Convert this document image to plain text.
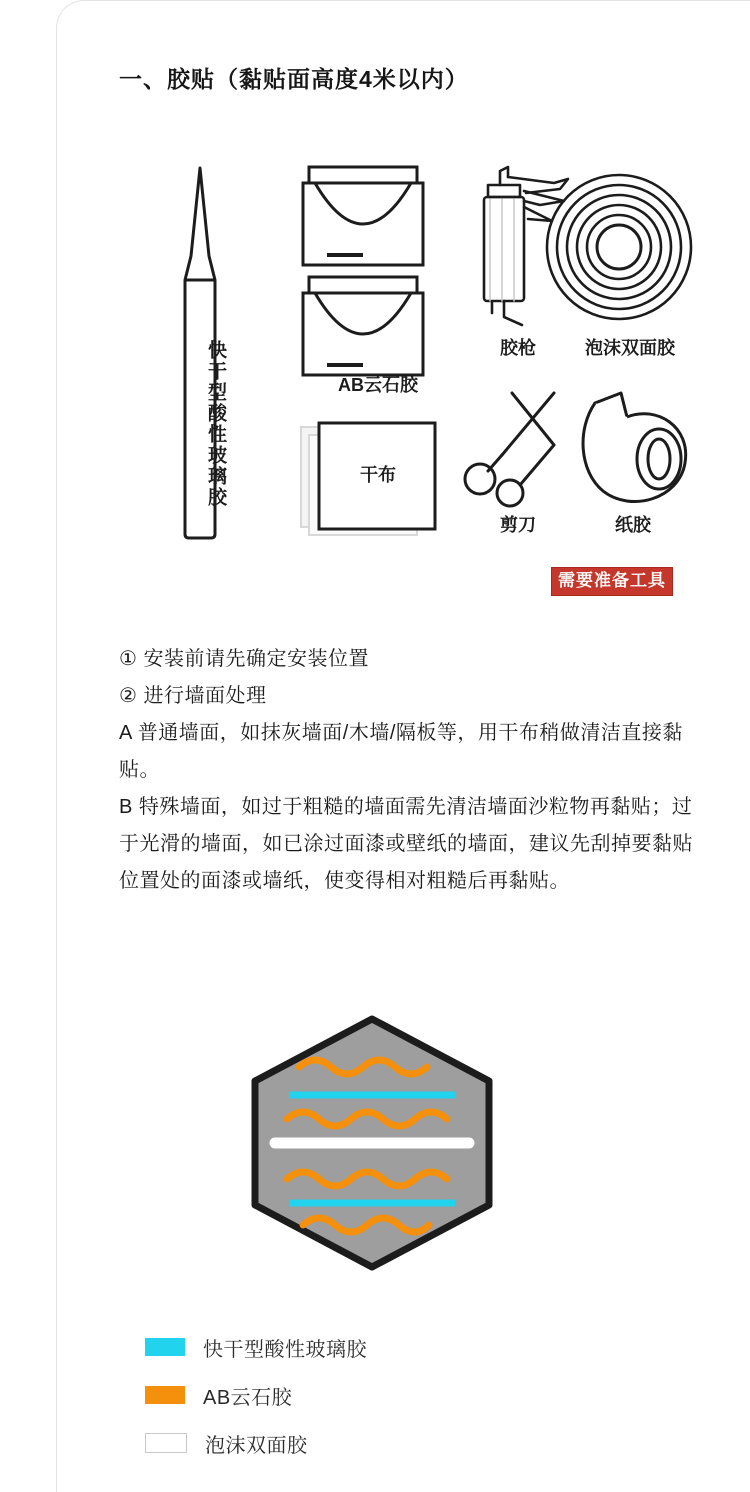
一、胶贴（黏贴面高度4米以内）
快干型酸性玻璃胶	AB云石胶
干布
胶枪	泡沫双面胶
剪刀	纸胶
需要准备工具

① 安装前请先确定安装位置

② 进行墙面处理

A 普通墙面，如抹灰墙面/木墙/隔板等，用干布稍做清洁直接黏贴。

B 特殊墙面，如过于粗糙的墙面需先清洁墙面沙粒物再黏贴；过于光滑的墙面，如已涂过面漆或壁纸的墙面，建议先刮掉要黏贴位置处的面漆或墙纸，使变得相对粗糙后再黏贴。

快干型酸性玻璃胶
AB云石胶
泡沫双面胶
